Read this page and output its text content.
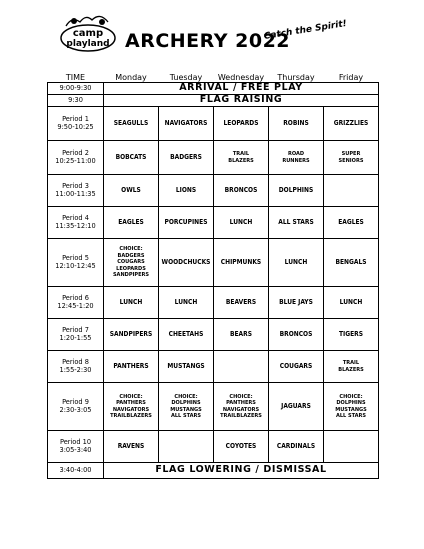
camp
playland ARCHERY 2022
Catch the Spirit!
TIME	Monday	Tuesday	Wednesday	Thursday	Friday
9:00-9:30	ARRIVAL / FREE PLAY				
9:30	FLAG RAISING				
Period 1
9:50-10:25	SEAGULLS	NAVIGATORS	LEOPARDS	ROBINS	GRIZZLIES
Period 2
10:25-11:00	BOBCATS	BADGERS	TRAIL
BLAZERS	ROAD
RUNNERS	SUPER
SENIORS
Period 3
11:00-11:35	OWLS	LIONS	BRONCOS	DOLPHINS	
Period 4
11:35-12:10	EAGLES	PORCUPINES	LUNCH	ALL STARS	EAGLES
Period 5
12:10-12:45	CHOICE:
BADGERS
COUGARS
LEOPARDS
SANDPIPERS	WOODCHUCKS	CHIPMUNKS	LUNCH	BENGALS
Period 6
12:45-1:20	LUNCH	LUNCH	BEAVERS	BLUE JAYS	LUNCH
Period 7
1:20-1:55	SANDPIPERS	CHEETAHS	BEARS	BRONCOS	TIGERS
Period 8
1:55-2:30	PANTHERS	MUSTANGS		COUGARS	TRAIL
BLAZERS
Period 9
2:30-3:05	CHOICE:
PANTHERS
NAVIGATORS
TRAILBLAZERS	CHOICE:
DOLPHINS
MUSTANGS
ALL STARS	CHOICE:
PANTHERS
NAVIGATORS
TRAILBLAZERS	JAGUARS	CHOICE:
DOLPHINS
MUSTANGS
ALL STARS
Period 10
3:05-3:40	RAVENS		COYOTES	CARDINALS	
3:40-4:00	FLAG LOWERING / DISMISSAL				
